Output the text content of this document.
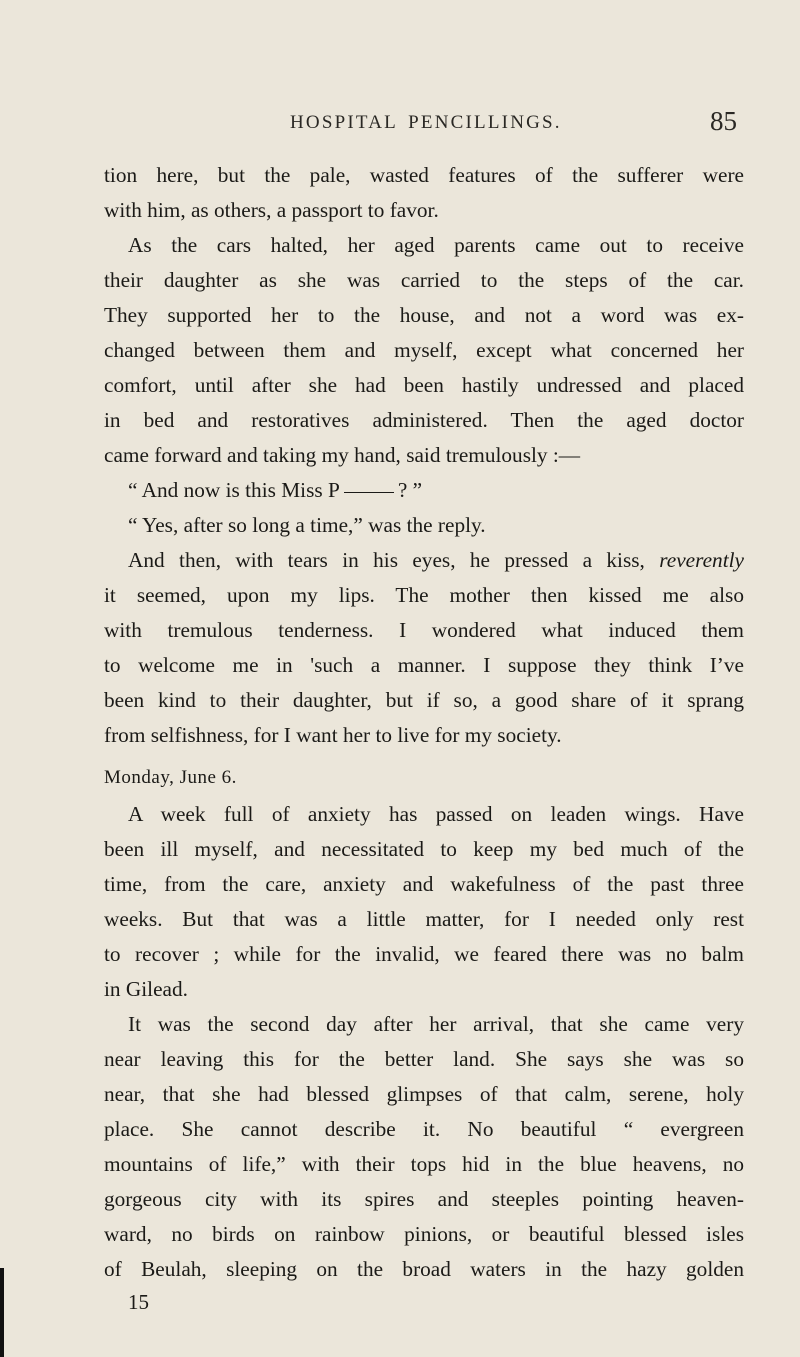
HOSPITAL PENCILLINGS.	85
tion here, but the pale, wasted features of the sufferer were
with him, as others, a passport to favor.
As the cars halted, her aged parents came out to receive
their daughter as she was carried to the steps of the car.
They supported her to the house, and not a word was ex-
changed between them and myself, except what concerned her
comfort, until after she had been hastily undressed and placed
in bed and restoratives administered. Then the aged doctor
came forward and taking my hand, said tremulously :—
“ And now is this Miss P	? ”
“ Yes, after so long a time,” was the reply.
And then, with tears in his eyes, he pressed a kiss, reverently
it seemed, upon my lips. The mother then kissed me also
with tremulous tenderness. I wondered what induced them
to welcome me in 'such a manner. I suppose they think I’ve
been kind to their daughter, but if so, a good share of it sprang
from selfishness, for I want her to live for my society.
Monday, June 6.
A week full of anxiety has passed on leaden wings. Have
been ill myself, and necessitated to keep my bed much of the
time, from the care, anxiety and wakefulness of the past three
weeks. But that was a little matter, for I needed only rest
to recover ; while for the invalid, we feared there was no balm
in Gilead.
It was the second day after her arrival, that she came very
near leaving this for the better land. She says she was so
near, that she had blessed glimpses of that calm, serene, holy
place. She cannot describe it. No beautiful “ evergreen
mountains of life,” with their tops hid in the blue heavens, no
gorgeous city with its spires and steeples pointing heaven-
ward, no birds on rainbow pinions, or beautiful blessed isles
of Beulah, sleeping on the broad waters in the hazy golden
15
